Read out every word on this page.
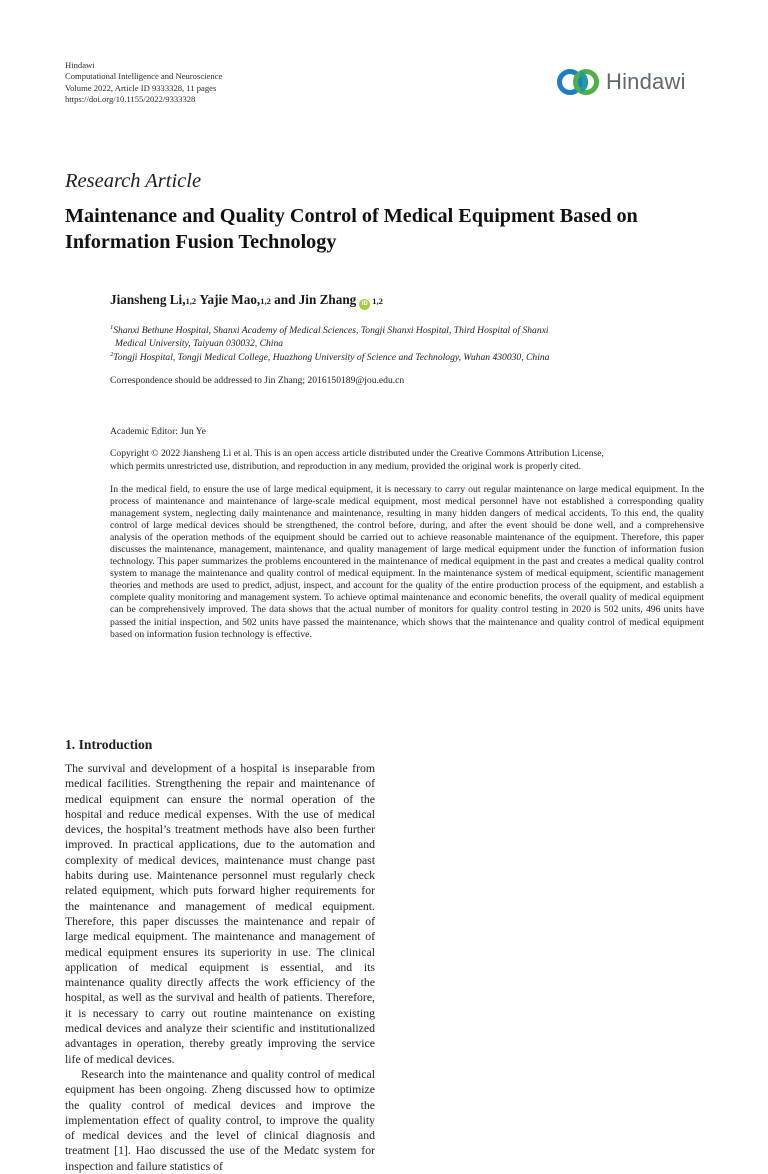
Hindawi
Computational Intelligence and Neuroscience
Volume 2022, Article ID 9333328, 11 pages
https://doi.org/10.1155/2022/9333328
Hindawi
Research Article
Maintenance and Quality Control of Medical Equipment Based on Information Fusion Technology
Jiansheng Li, 1,2
Yajie Mao, 1,2
and Jin Zhang iD $^{1,2}$
$^1$Shanxi Bethune Hospital, Shanxi Academy of Medical Sciences, Tongji Shanxi Hospital, Third Hospital of Shanxi
Medical University, Taiyuan 030032, China
$^2$Tongji Hospital, Tongji Medical College, Huazhong University of Science and Technology, Wuhan 430030, China
Correspondence should be addressed to Jin Zhang; 2016150189@jou.edu.cn
Academic Editor: Jun Ye
Copyright © 2022 Jiansheng Li et al. This is an open access article distributed under the Creative Commons Attribution License,
which permits unrestricted use, distribution, and reproduction in any medium, provided the original work is properly cited.

In the medical field, to ensure the use of large medical equipment, it is necessary to carry out regular maintenance on large medical equipment. In the process of maintenance and maintenance of large-scale medical equipment, most medical personnel have not established a corresponding quality management system, neglecting daily maintenance and maintenance, resulting in many hidden dangers of medical accidents. To this end, the quality control of large medical devices should be strengthened, the control before, during, and after the event should be done well, and a comprehensive analysis of the operation methods of the equipment should be carried out to achieve reasonable maintenance of the equipment. Therefore, this paper discusses the maintenance, management, maintenance, and quality management of large medical equipment under the function of information fusion technology. This paper summarizes the problems encountered in the maintenance of medical equipment in the past and creates a medical quality control system to manage the maintenance and quality control of medical equipment. In the maintenance system of medical equipment, scientific management theories and methods are used to predict, adjust, inspect, and account for the quality of the entire production process of the equipment, and establish a complete quality monitoring and management system. To achieve optimal maintenance and economic benefits, the overall quality of medical equipment can be comprehensively improved. The data shows that the actual number of monitors for quality control testing in 2020 is 502 units, 496 units have passed the initial inspection, and 502 units have passed the maintenance, which shows that the maintenance and quality control of medical equipment based on information fusion technology is effective.

1. Introduction

The survival and development of a hospital is inseparable from medical facilities. Strengthening the repair and maintenance of medical equipment can ensure the normal operation of the hospital and reduce medical expenses. With the use of medical devices, the hospital’s treatment methods have also been further improved. In practical applications, due to the automation and complexity of medical devices, maintenance must change past habits during use. Maintenance personnel must regularly check related equipment, which puts forward higher requirements for the maintenance and management of medical equipment. Therefore, this paper discusses the maintenance and repair of large medical equipment. The maintenance and management of medical equipment ensures its superiority in use. The clinical application of medical equipment is essential, and its maintenance quality directly affects the work efficiency of the hospital, as well as the survival and health of patients. Therefore, it is necessary to carry out routine maintenance on existing medical devices and analyze their scientific and institutionalized advantages in operation, thereby greatly improving the service life of medical devices.

Research into the maintenance and quality control of medical equipment has been ongoing. Zheng discussed how to optimize the quality control of medical devices and improve the implementation effect of quality control, to improve the quality of medical devices and the level of clinical diagnosis and treatment [1]. Hao discussed the use of the Medatc system for inspection and failure statistics of
